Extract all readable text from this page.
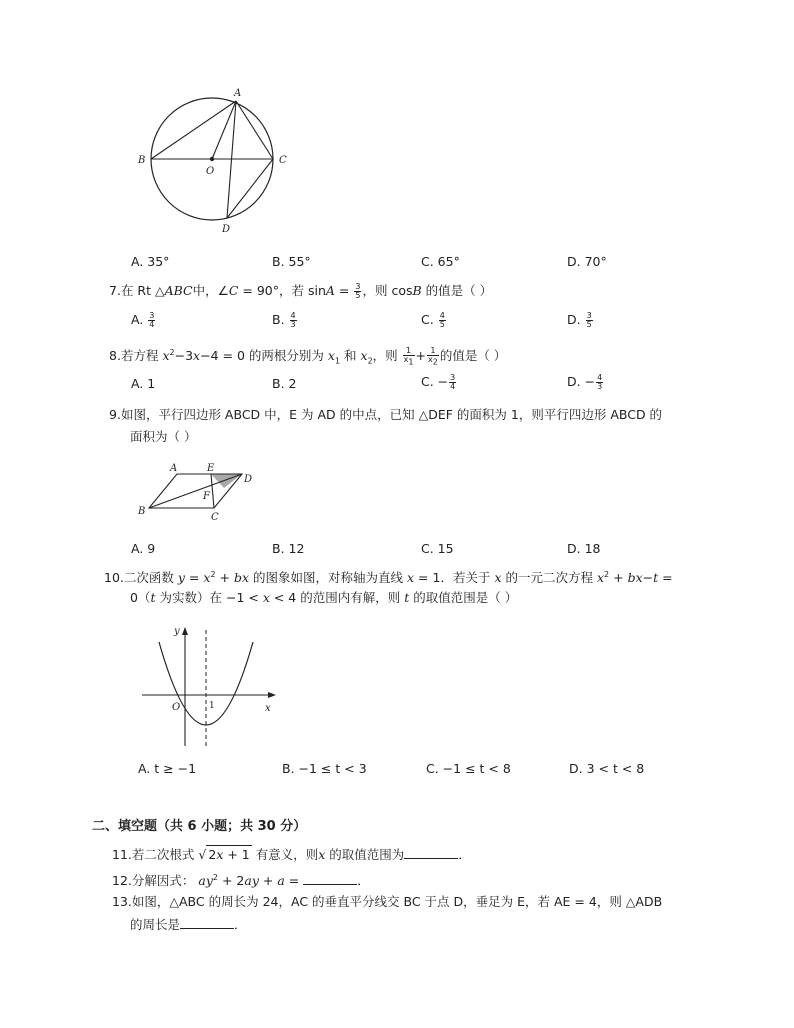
A
B	C
D
O
A. 35°	B. 55°	C. 65°	D. 70°
7.在 Rt △ABC中，∠C = 90°，若 $\sin A = \frac{3}{5}$ ，则 cosB 的值是（ ）
A. $\frac{3}{4}$	B. $\frac{4}{3}$	C. $\frac{4}{5}$	D. $\frac{3}{5}$
8.若方程 $x^2-3x-4 = 0$ 的两根分别为 $x_1$ 和 $x_2$，则 $\frac{1}{x_1} + \frac{1}{x_2}$ 的值是（ ）
A. 1	B. 2	C. − $\frac{3}{4}$	D. − $\frac{4}{3}$
9.如图，平行四边形 ABCD 中，E 为 AD 的中点，已知 △DEF 的面积为 1，则平行四边形 ABCD 的
面积为（ ）
A	E
D
F
B
C
A. 9	B. 12	C. 15	D. 18
10.二次函数 $y = x^2$ + bx 的图象如图，对称轴为直线 x = 1．若关于 x 的一元二次方程 $x^2 + bx-t$ =
0（t 为实数）在 −1 < x < 4 的范围内有解，则 t 的取值范围是（ ）
y
x
O	1
A. t ≥ −1	B. −1 ≤ t < 3	C. −1 ≤ t < 8	D. 3 < t < 8
二、填空题（共 6 小题；共 30 分）
11.若二次根式 √ 2x + 1 有意义，则x 的取值范围为	．
12.分解因式： $ay^2 + 2ay + a$ =	．
13.如图，△ABC 的周长为 24，AC 的垂直平分线交 BC 于点 D，垂足为 E，若 AE = 4，则 △ADB
的周长是	．
